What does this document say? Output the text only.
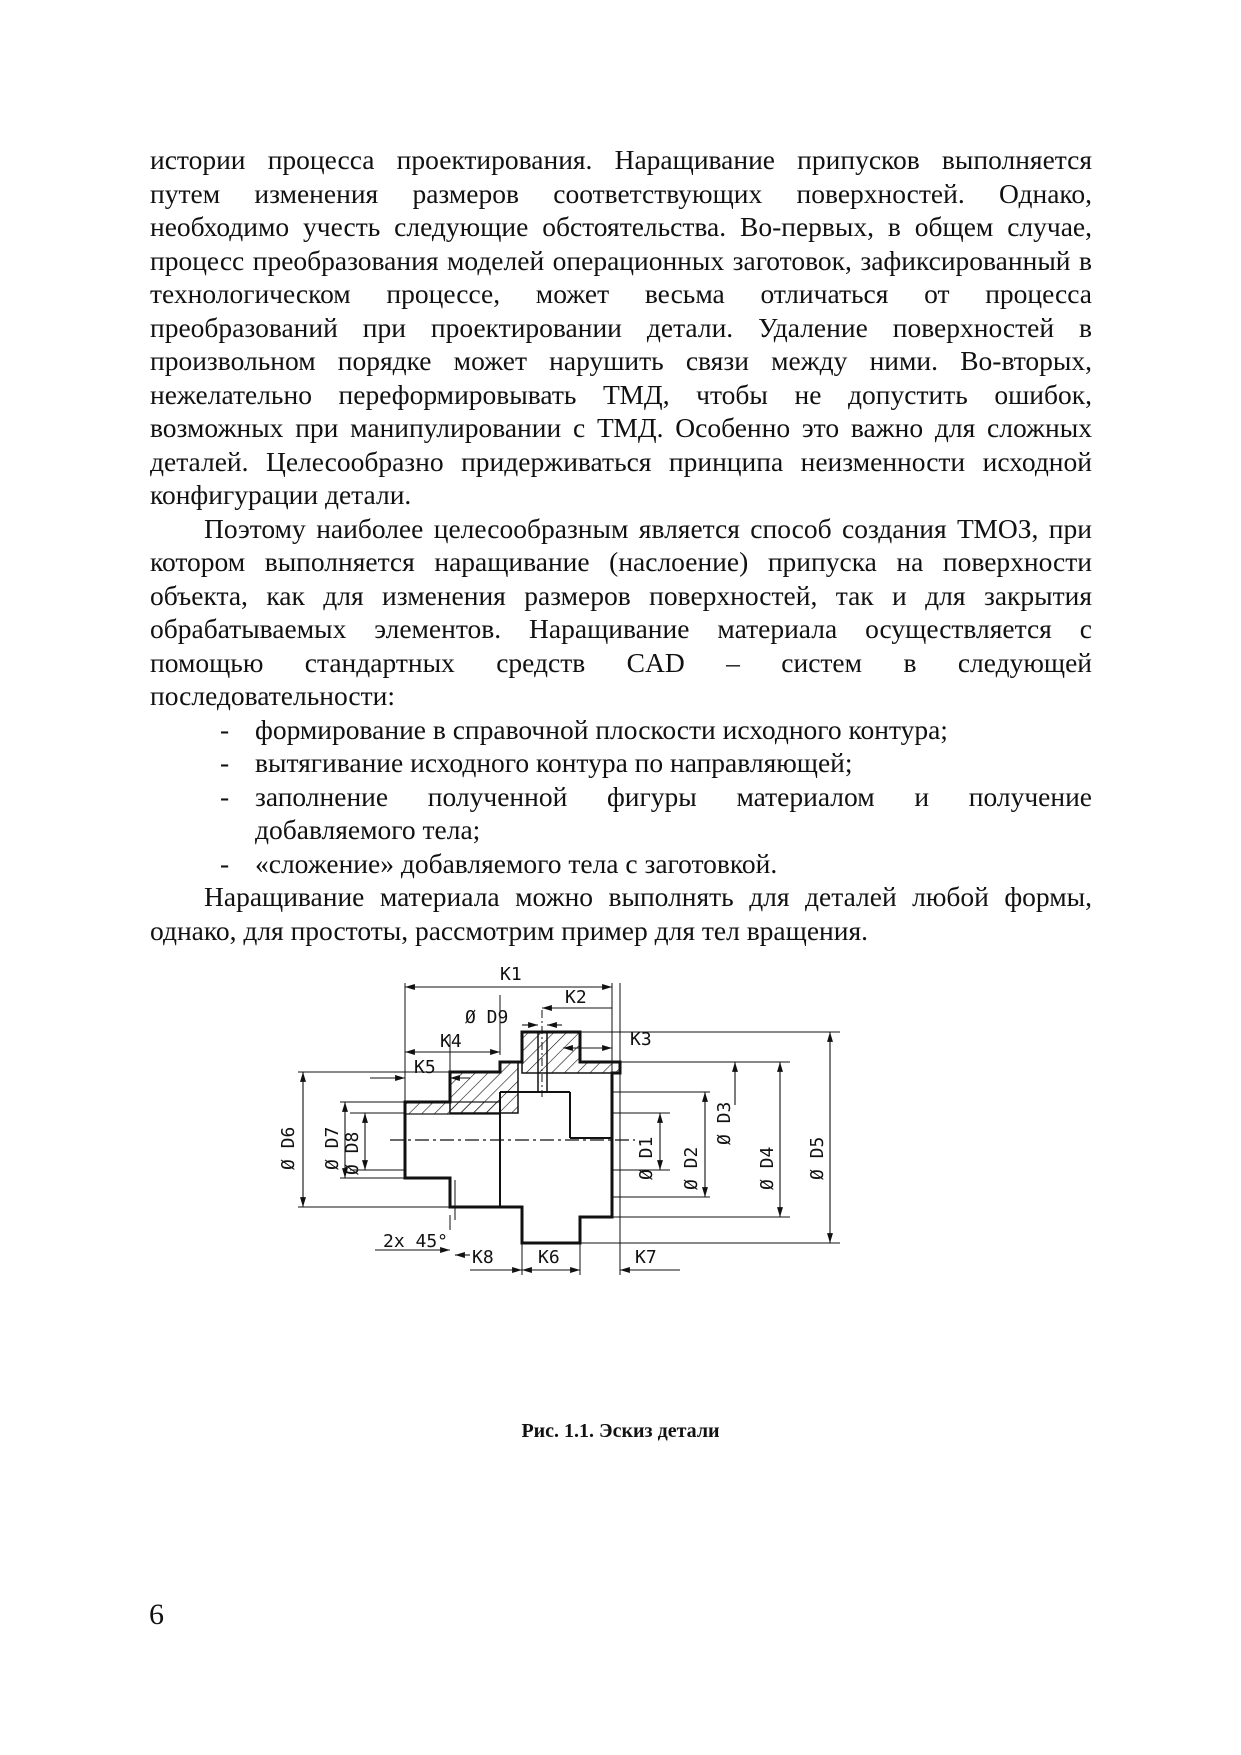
истории процесса проектирования. Наращивание припусков выполняется путем изменения размеров соответствующих поверхностей. Однако, необходимо учесть следующие обстоятельства. Во-первых, в общем случае, процесс преобразования моделей операционных заготовок, зафиксированный в технологическом процессе, может весьма отличаться от процесса преобразований при проектировании детали. Удаление поверхностей в произвольном порядке может нарушить связи между ними. Во-вторых, нежелательно переформировывать ТМД, чтобы не допустить ошибок, возможных при манипулировании с ТМД. Особенно это важно для сложных деталей. Целесообразно придерживаться принципа неизменности исходной конфигурации детали.

Поэтому наиболее целесообразным является способ создания ТМОЗ, при котором выполняется наращивание (наслоение) припуска на поверхности объекта, как для изменения размеров поверхностей, так и для закрытия обрабатываемых элементов. Наращивание материала осуществляется с помощью стандартных средств CAD – систем в следующей последовательности:

- формирование в справочной плоскости исходного контура;
- вытягивание исходного контура по направляющей;
- заполнение полученной фигуры материалом и получение добавляемого тела;
- «сложение» добавляемого тела с заготовкой.

Наращивание материала можно выполнять для деталей любой формы, однако, для простоты, рассмотрим пример для тел вращения.

K1
K2
Ø D9
K3
K4
K5
2x 45°
K8 K6	K7
Ø D6 Ø D7 Ø D8	Ø D1 Ø D2
Ø D3
Ø D4 Ø D5
Рис. 1.1. Эскиз детали
6
